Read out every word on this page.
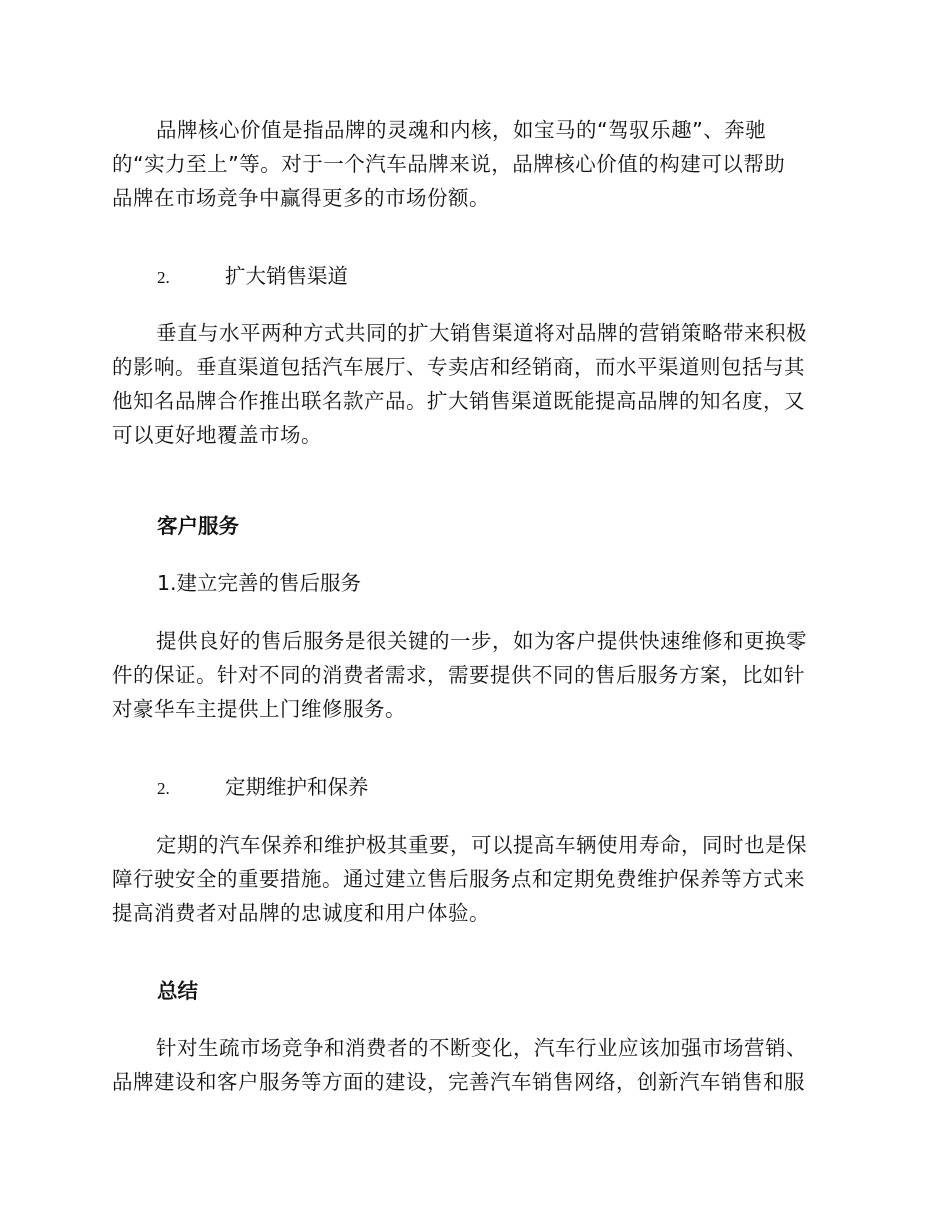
品牌核心价值是指品牌的灵魂和内核，如宝马的“驾驭乐趣”、奔驰
的“实力至上”等。对于一个汽车品牌来说，品牌核心价值的构建可以帮助
品牌在市场竞争中赢得更多的市场份额。

2.	扩大销售渠道

垂直与水平两种方式共同的扩大销售渠道将对品牌的营销策略带来积极
的影响。垂直渠道包括汽车展厅、专卖店和经销商，而水平渠道则包括与其
他知名品牌合作推出联名款产品。扩大销售渠道既能提高品牌的知名度，又
可以更好地覆盖市场。

客户服务

1.建立完善的售后服务

提供良好的售后服务是很关键的一步，如为客户提供快速维修和更换零
件的保证。针对不同的消费者需求，需要提供不同的售后服务方案，比如针
对豪华车主提供上门维修服务。

2.	定期维护和保养

定期的汽车保养和维护极其重要，可以提高车辆使用寿命，同时也是保
障行驶安全的重要措施。通过建立售后服务点和定期免费维护保养等方式来
提高消费者对品牌的忠诚度和用户体验。

总结

针对生疏市场竞争和消费者的不断变化，汽车行业应该加强市场营销、
品牌建设和客户服务等方面的建设，完善汽车销售网络，创新汽车销售和服
